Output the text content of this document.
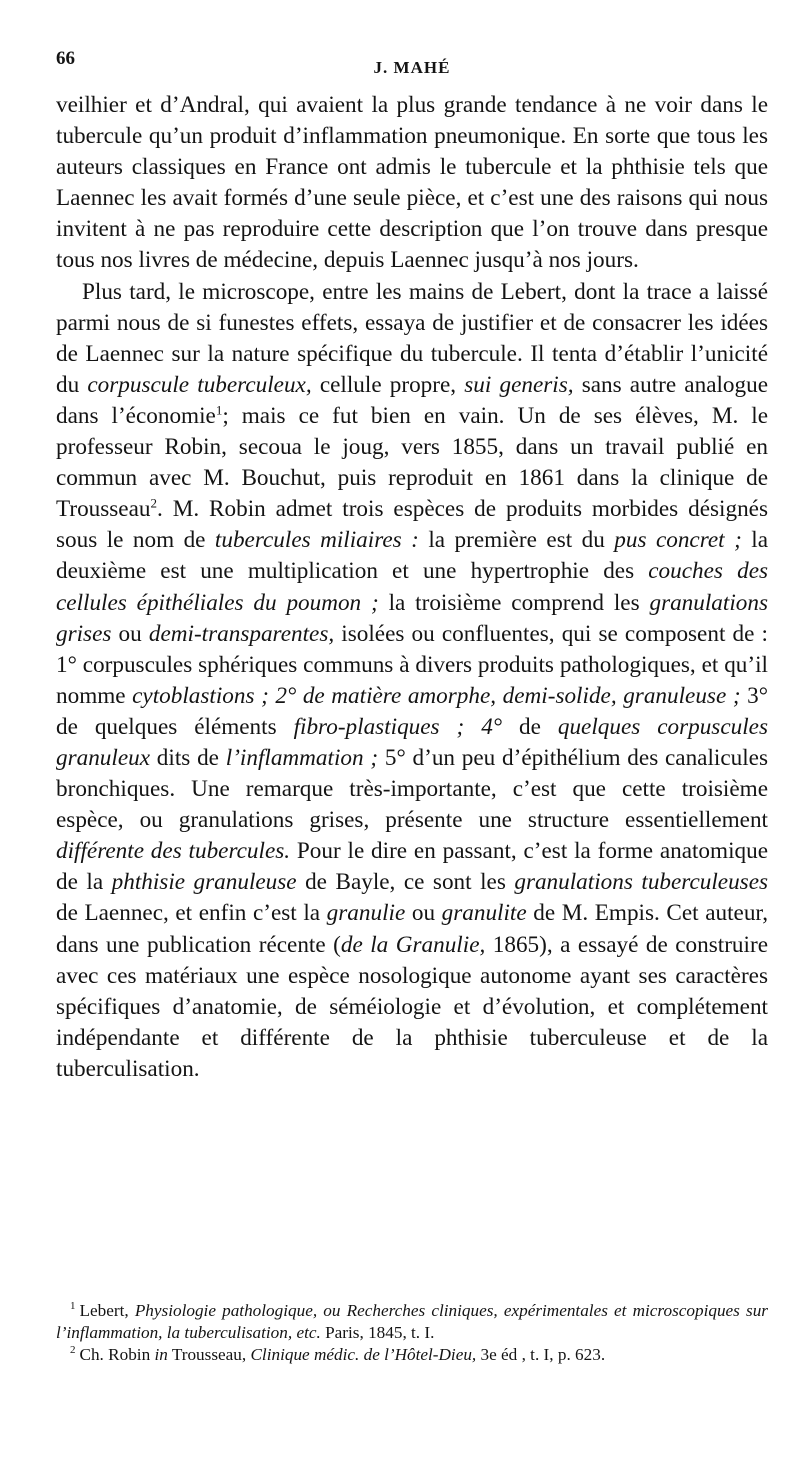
66	J. MAHÉ

veilhier et d’Andral, qui avaient la plus grande tendance à ne voir dans le tubercule qu’un produit d’inflammation pneumonique. En sorte que tous les auteurs classiques en France ont admis le tubercule et la phthisie tels que Laennec les avait formés d’une seule pièce, et c’est une des raisons qui nous invitent à ne pas reproduire cette description que l’on trouve dans presque tous nos livres de médecine, depuis Laennec jusqu’à nos jours.

Plus tard, le microscope, entre les mains de Lebert, dont la trace a laissé parmi nous de si funestes effets, essaya de justifier et de consacrer les idées de Laennec sur la nature spécifique du tubercule. Il tenta d’établir l’unicité du corpuscule tuberculeux, cellule propre, sui generis, sans autre analogue dans l’économie$^1$; mais ce fut bien en vain. Un de ses élèves, M. le professeur Robin, secoua le joug, vers 1855, dans un travail publié en commun avec M. Bouchut, puis reproduit en 1861 dans la clinique de Trousseau$^2$. M. Robin admet trois espèces de produits morbides désignés sous le nom de tubercules miliaires : la première est du pus concret ; la deuxième est une multiplication et une hypertrophie des couches des cellules épithéliales du poumon ; la troisième comprend les granulations grises ou demi-transparentes, isolées ou confluentes, qui se composent de : 1° corpuscules sphériques communs à divers produits pathologiques, et qu’il nomme cytoblastions ; 2° de matière amorphe, demi-solide, granuleuse ; 3° de quelques éléments fibro-plastiques ; 4° de quelques corpuscules granuleux dits de l’inflammation ; 5° d’un peu d’épithélium des canalicules bronchiques. Une remarque très-importante, c’est que cette troisième espèce, ou granulations grises, présente une structure essentiellement différente des tubercules. Pour le dire en passant, c’est la forme anatomique de la phthisie granuleuse de Bayle, ce sont les granulations tuberculeuses de Laennec, et enfin c’est la granulie ou granulite de M. Empis. Cet auteur, dans une publication récente (de la Granulie, 1865), a essayé de construire avec ces matériaux une espèce nosologique autonome ayant ses caractères spécifiques d’anatomie, de séméiologie et d’évolution, et complétement indépendante et différente de la phthisie tuberculeuse et de la tuberculisation.

$^1$ Lebert, Physiologie pathologique, ou Recherches cliniques, expérimentales et microscopiques sur l’inflammation, la tuberculisation, etc. Paris, 1845, t. I.

$^2$ Ch. Robin in Trousseau, Clinique médic. de l’Hôtel-Dieu, 3e éd , t. I, p. 623.
